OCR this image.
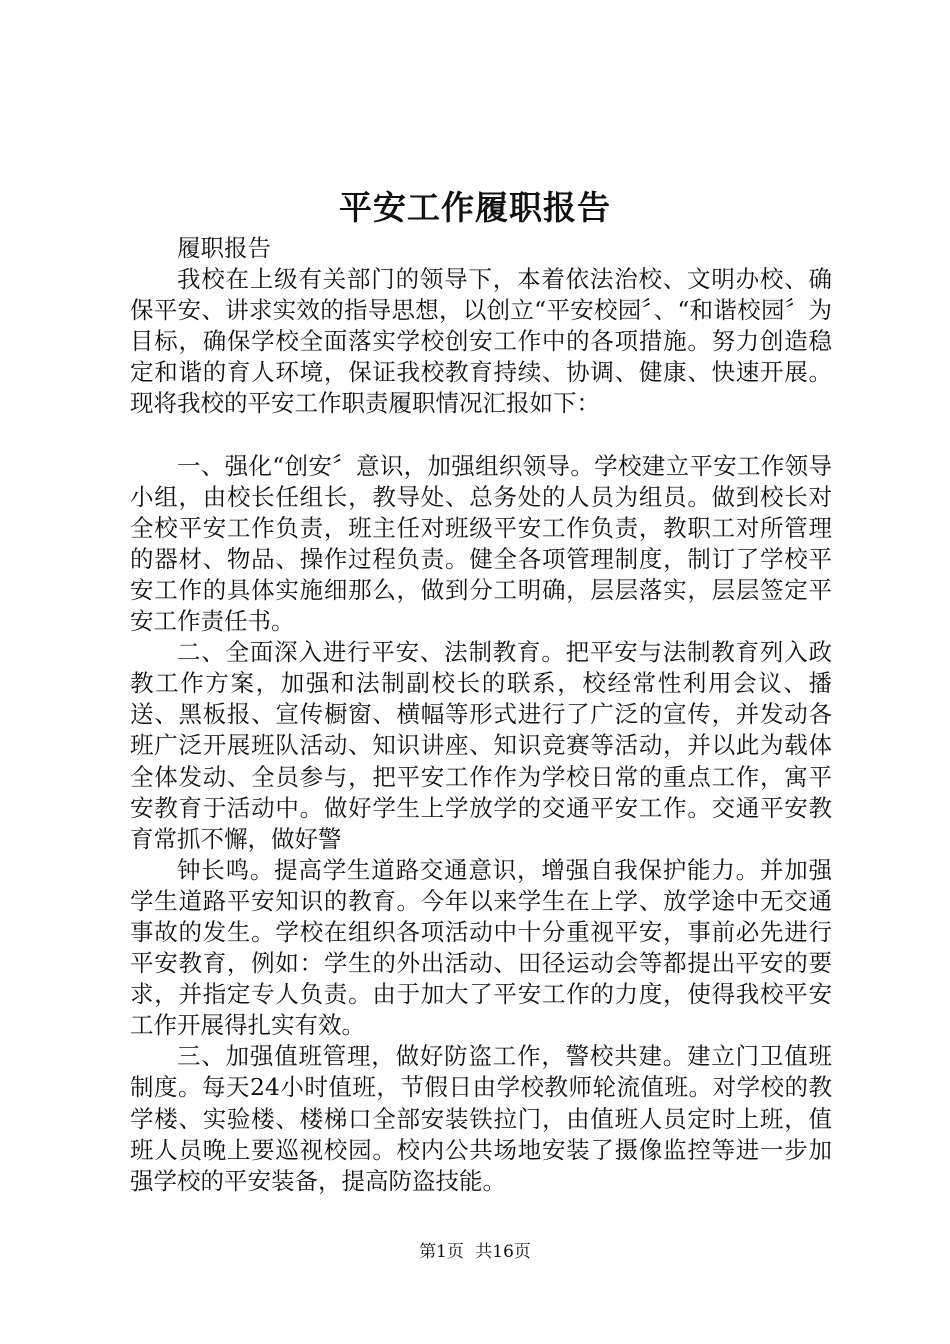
平安工作履职报告

履职报告

我校在上级有关部门的领导下，本着依法治校、文明办校、确保平安、讲求实效的指导思想，以创立“平安校园〞、“和谐校园〞为目标，确保学校全面落实学校创安工作中的各项措施。努力创造稳定和谐的育人环境，保证我校教育持续、协调、健康、快速开展。现将我校的平安工作职责履职情况汇报如下：

一、强化“创安〞意识，加强组织领导。学校建立平安工作领导小组，由校长任组长，教导处、总务处的人员为组员。做到校长对全校平安工作负责，班主任对班级平安工作负责，教职工对所管理的器材、物品、操作过程负责。健全各项管理制度，制订了学校平安工作的具体实施细那么，做到分工明确，层层落实，层层签定平安工作责任书。

二、全面深入进行平安、法制教育。把平安与法制教育列入政教工作方案，加强和法制副校长的联系，校经常性利用会议、播送、黑板报、宣传橱窗、横幅等形式进行了广泛的宣传，并发动各班广泛开展班队活动、知识讲座、知识竞赛等活动，并以此为载体全体发动、全员参与，把平安工作作为学校日常的重点工作，寓平安教育于活动中。做好学生上学放学的交通平安工作。交通平安教育常抓不懈，做好警

钟长鸣。提高学生道路交通意识，增强自我保护能力。并加强学生道路平安知识的教育。今年以来学生在上学、放学途中无交通事故的发生。学校在组织各项活动中十分重视平安，事前必先进行平安教育，例如：学生的外出活动、田径运动会等都提出平安的要求，并指定专人负责。由于加大了平安工作的力度，使得我校平安工作开展得扎实有效。

三、加强值班管理，做好防盗工作，警校共建。建立门卫值班制度。每天24小时值班，节假日由学校教师轮流值班。对学校的教学楼、实验楼、楼梯口全部安装铁拉门，由值班人员定时上班，值班人员晚上要巡视校园。校内公共场地安装了摄像监控等进一步加强学校的平安装备，提高防盗技能。

第1页 共16页
